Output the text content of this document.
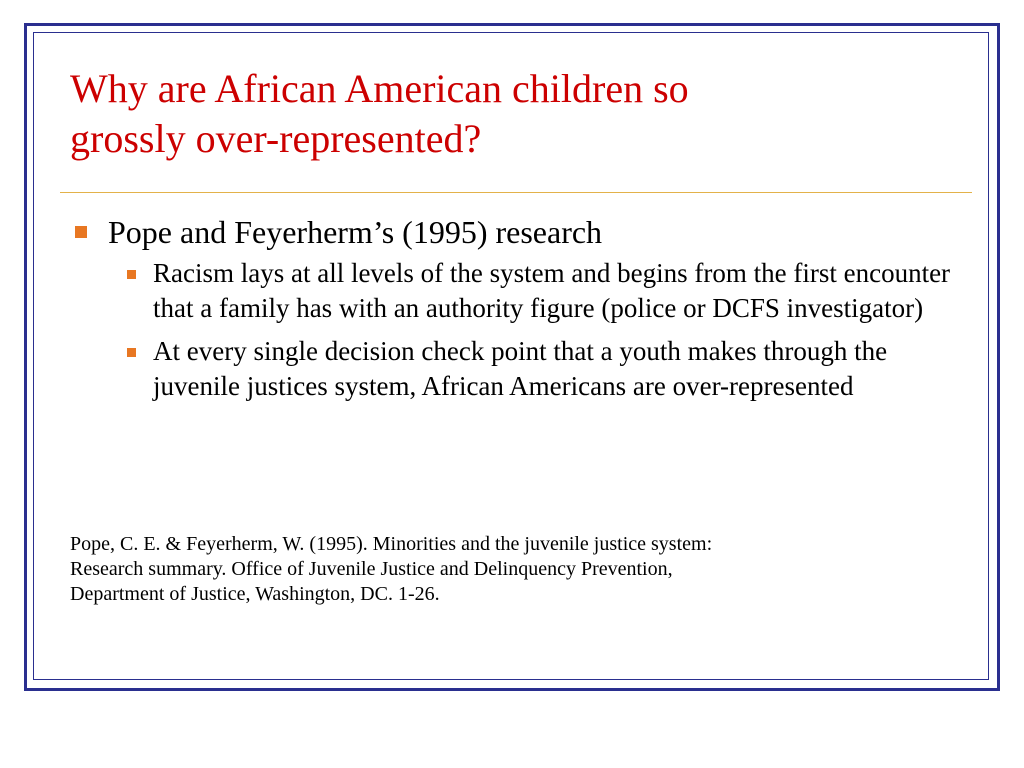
Why are African American children so
grossly over-represented?
Pope and Feyerherm’s (1995) research
Racism lays at all levels of the system and begins from the first encounter that a family has with an authority figure (police or DCFS investigator)
At every single decision check point that a youth makes through the juvenile justices system, African Americans are over-represented
Pope, C. E. & Feyerherm, W. (1995). Minorities and the juvenile justice system:
Research summary. Office of Juvenile Justice and Delinquency Prevention,
Department of Justice, Washington, DC. 1-26.
